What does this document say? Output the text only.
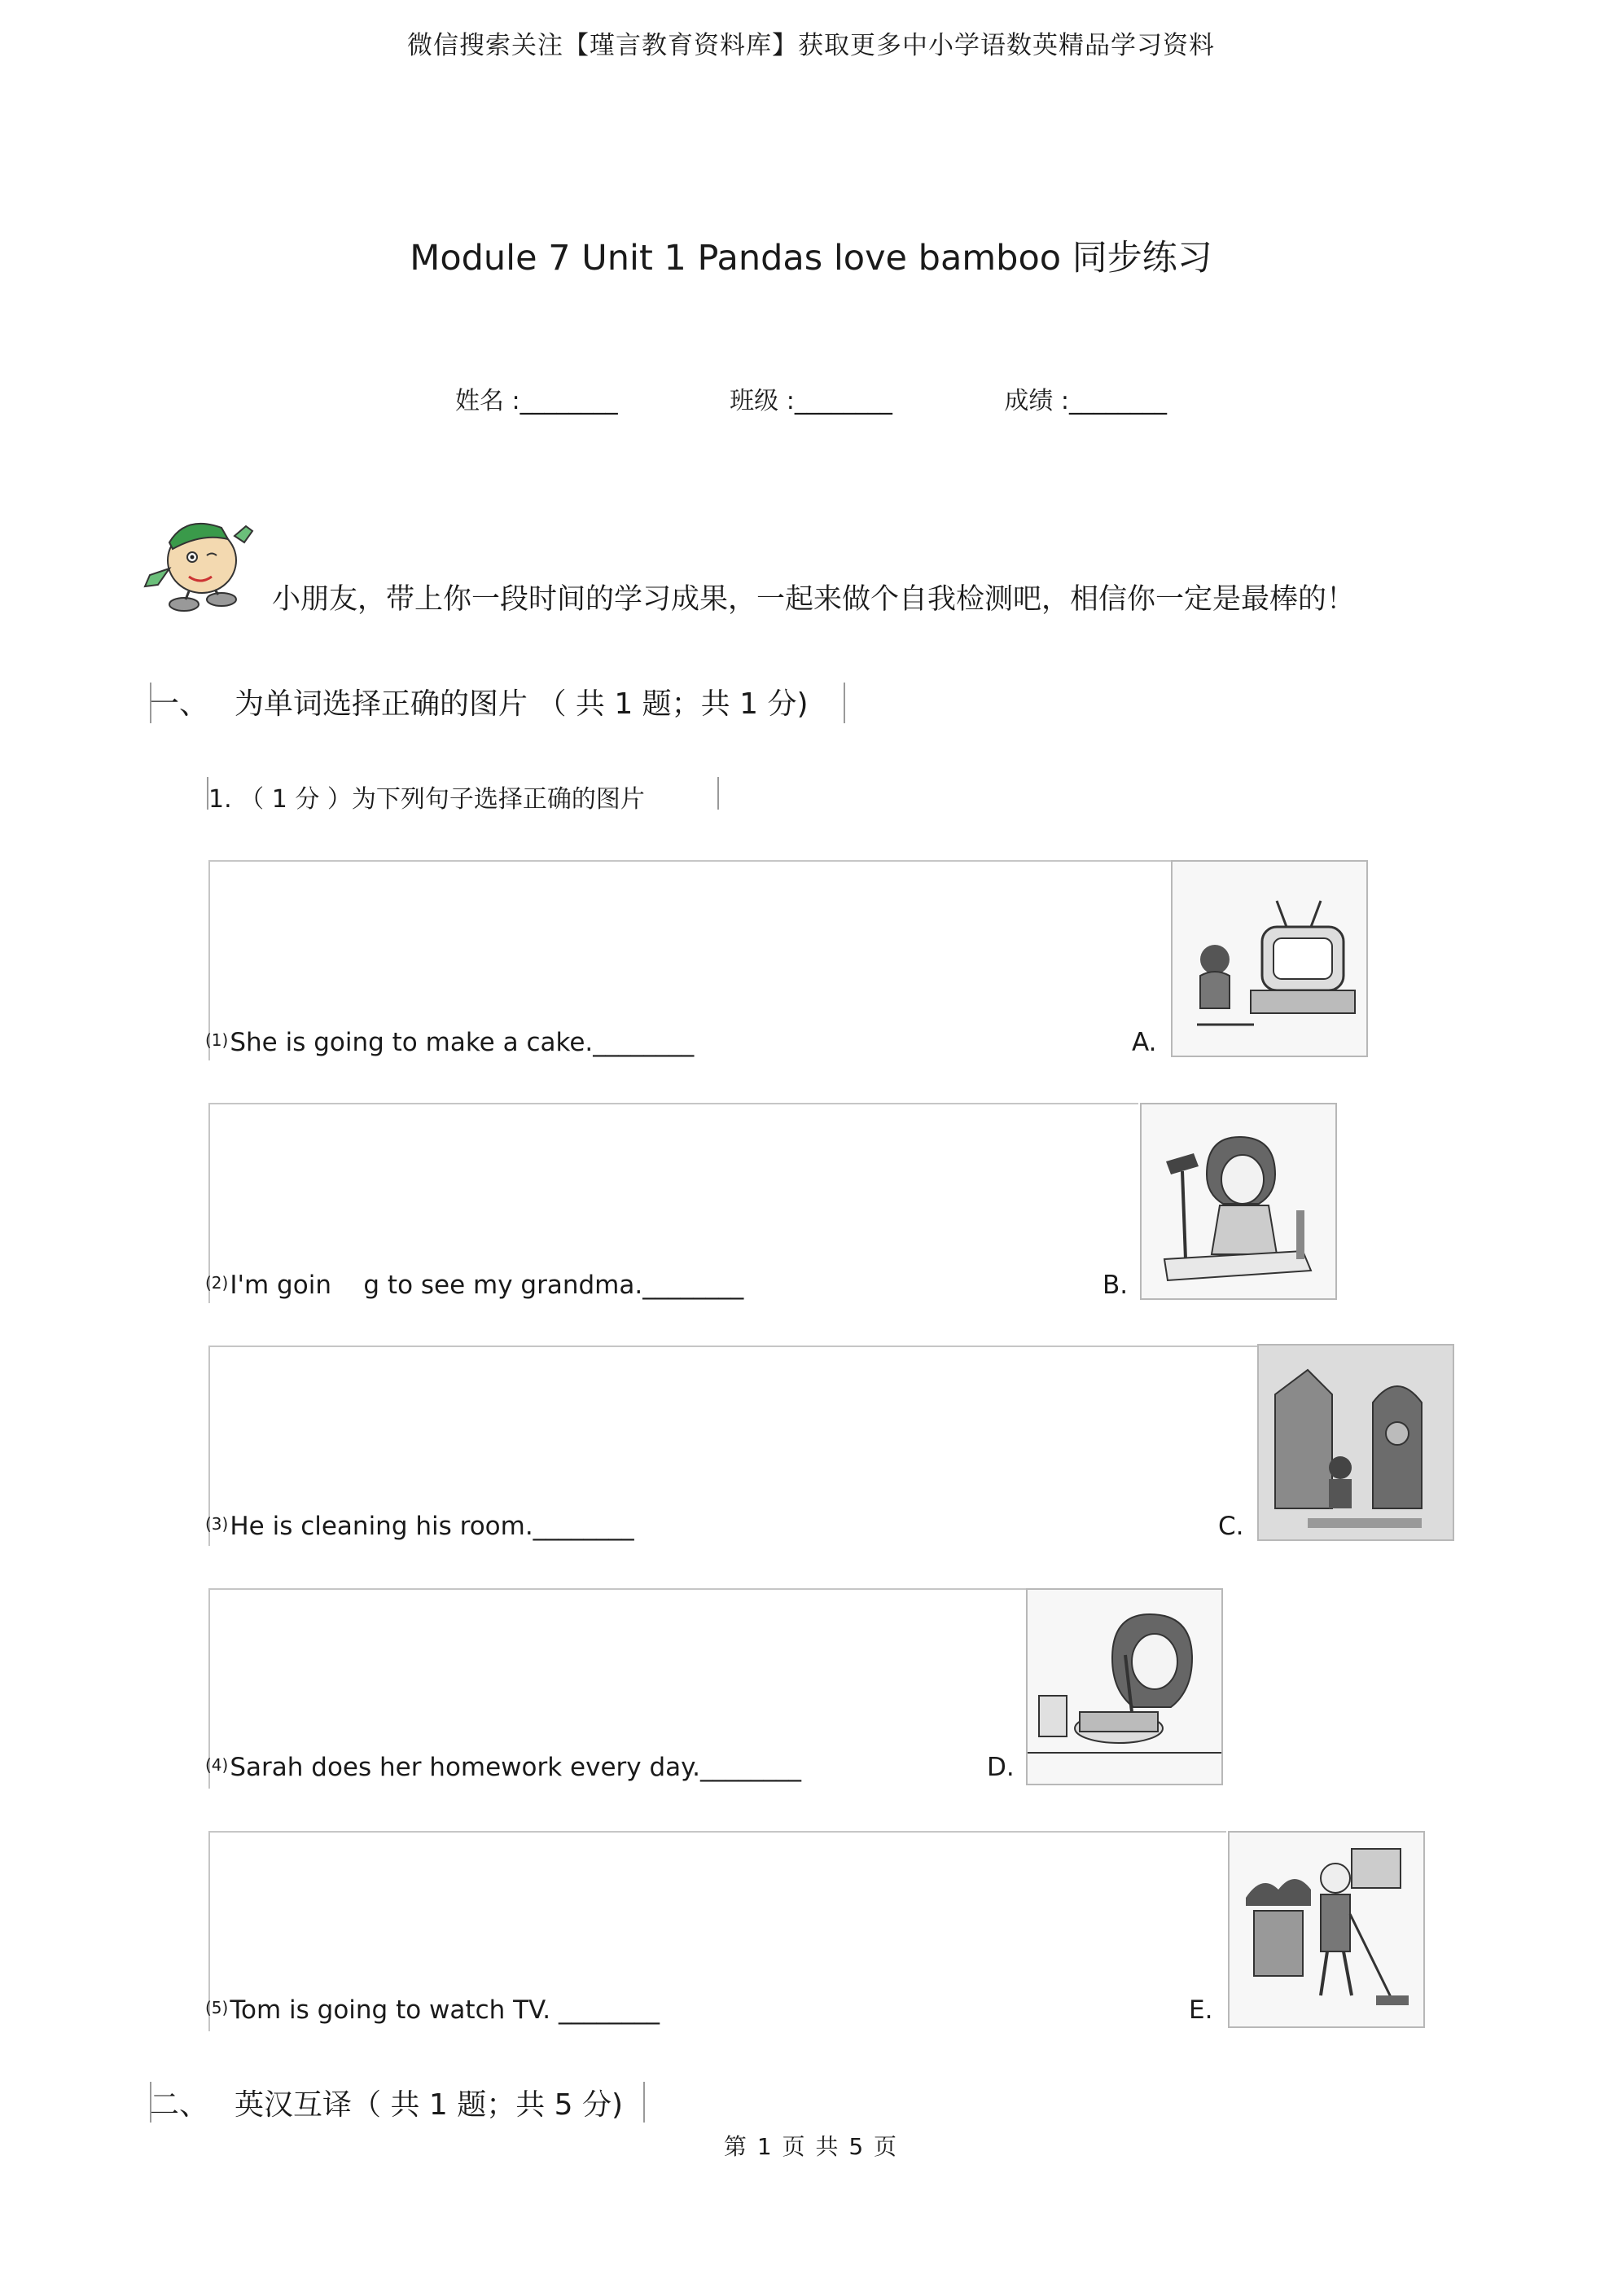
微信搜索关注【瑾言教育资料库】获取更多中小学语数英精品学习资料
Module 7 Unit 1 Pandas love bamboo 同步练习
姓名 :________	班级 :________	成绩 :________
小朋友，带上你一段时间的学习成果，一起来做个自我检测吧，相信你一定是最棒的！
一、 为单词选择正确的图片 （ 共 1 题；共 1 分)
1. （ 1 分 ）为下列句子选择正确的图片
$^{(1)}$She is going to make a cake.________	A.
$^{(2)}$I'm goin    g to see my grandma.________	B.
$^{(3)}$He is cleaning his room.________	C.
$^{(4)}$Sarah does her homework every day.________	D.
$^{(5)}$Tom is going to watch TV. ________	E.
二、 英汉互译（ 共 1 题；共 5 分)
第 1 页 共 5 页
